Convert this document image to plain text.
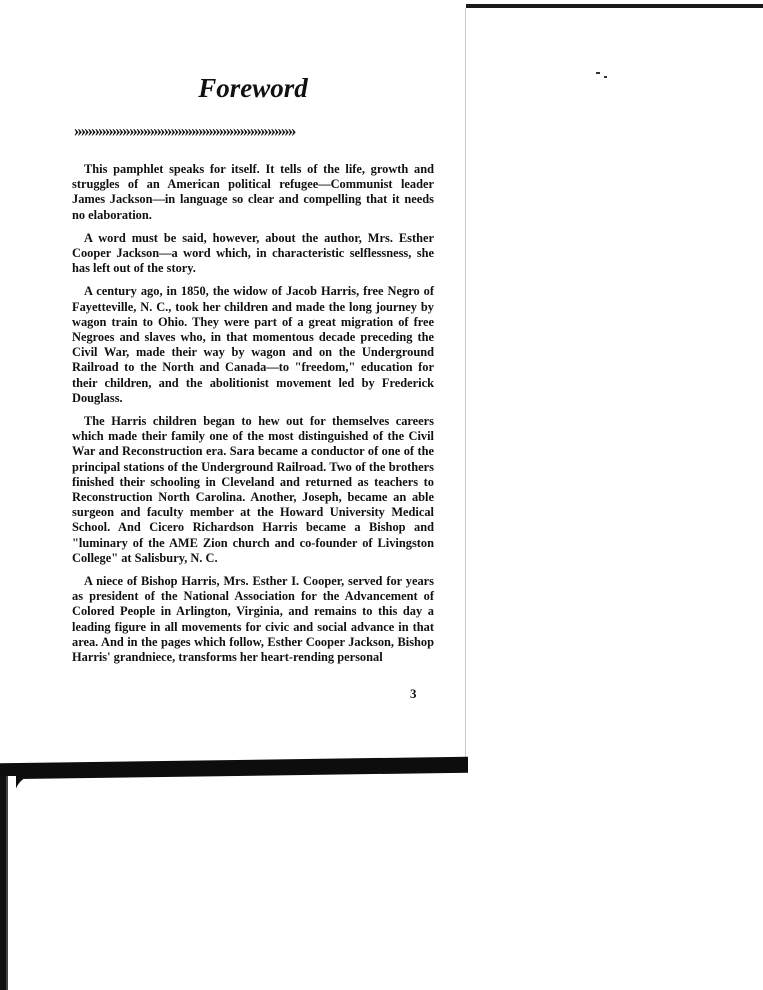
Foreword
»»»»»»»»»»»»»»»»»»»»»»»»»»»»»»»»

This pamphlet speaks for itself. It tells of the life, growth and struggles of an American political refugee—Communist leader James Jackson—in language so clear and compelling that it needs no elaboration.

A word must be said, however, about the author, Mrs. Esther Cooper Jackson—a word which, in characteristic selflessness, she has left out of the story.

A century ago, in 1850, the widow of Jacob Harris, free Negro of Fayetteville, N. C., took her children and made the long journey by wagon train to Ohio. They were part of a great migration of free Negroes and slaves who, in that momentous decade preceding the Civil War, made their way by wagon and on the Underground Railroad to the North and Canada—to "freedom," education for their children, and the abolitionist movement led by Frederick Douglass.

The Harris children began to hew out for themselves careers which made their family one of the most distinguished of the Civil War and Reconstruction era. Sara became a conductor of one of the principal stations of the Underground Railroad. Two of the brothers finished their schooling in Cleveland and returned as teachers to Reconstruction North Carolina. Another, Joseph, became an able surgeon and faculty member at the Howard University Medical School. And Cicero Richardson Harris became a Bishop and "luminary of the AME Zion church and co-founder of Livingston College" at Salisbury, N. C.

A niece of Bishop Harris, Mrs. Esther I. Cooper, served for years as president of the National Association for the Advancement of Colored People in Arlington, Virginia, and remains to this day a leading figure in all movements for civic and social advance in that area. And in the pages which follow, Esther Cooper Jackson, Bishop Harris' grandniece, transforms her heart-rending personal

3
